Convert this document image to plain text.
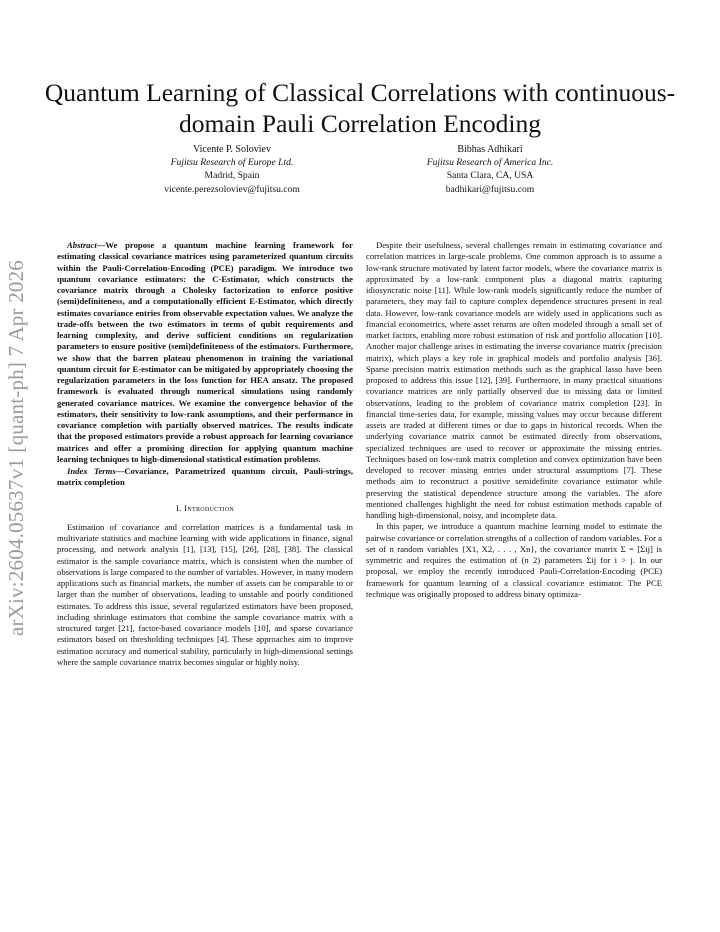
arXiv:2604.05637v1 [quant-ph] 7 Apr 2026
Quantum Learning of Classical Correlations with continuous-domain Pauli Correlation Encoding
Vicente P. Soloviev
Fujitsu Research of Europe Ltd.
Madrid, Spain
vicente.perezsoloviev@fujitsu.com
Bibhas Adhikari
Fujitsu Research of America Inc.
Santa Clara, CA, USA
badhikari@fujitsu.com

Abstract—We propose a quantum machine learning framework for estimating classical covariance matrices using parameterized quantum circuits within the Pauli-Correlation-Encoding (PCE) paradigm. We introduce two quantum covariance estimators: the C-Estimator, which constructs the covariance matrix through a Cholesky factorization to enforce positive (semi)definiteness, and a computationally efficient E-Estimator, which directly estimates covariance entries from observable expectation values. We analyze the trade-offs between the two estimators in terms of qubit requirements and learning complexity, and derive sufficient conditions on regularization parameters to ensure positive (semi)definiteness of the estimators. Furthermore, we show that the barren plateau phenomenon in training the variational quantum circuit for E-estimator can be mitigated by appropriately choosing the regularization parameters in the loss function for HEA ansatz. The proposed framework is evaluated through numerical simulations using randomly generated covariance matrices. We examine the convergence behavior of the estimators, their sensitivity to low-rank assumptions, and their performance in covariance completion with partially observed matrices. The results indicate that the proposed estimators provide a robust approach for learning covariance matrices and offer a promising direction for applying quantum machine learning techniques to high-dimensional statistical estimation problems.

Index Terms—Covariance, Parametrized quantum circuit, Pauli-strings, matrix completion

I. Introduction

Estimation of covariance and correlation matrices is a fundamental task in multivariate statistics and machine learning with wide applications in finance, signal processing, and network analysis [1], [13], [15], [26], [28], [38]. The classical estimator is the sample covariance matrix, which is consistent when the number of observations is large compared to the number of variables. However, in many modern applications such as financial markets, the number of assets can be comparable to or larger than the number of observations, leading to unstable and poorly conditioned estimates. To address this issue, several regularized estimators have been proposed, including shrinkage estimators that combine the sample covariance matrix with a structured target [21], factor-based covariance models [10], and sparse covariance estimators based on thresholding techniques [4]. These approaches aim to improve estimation accuracy and numerical stability, particularly in high-dimensional settings where the sample covariance matrix becomes singular or highly noisy.

Despite their usefulness, several challenges remain in estimating covariance and correlation matrices in large-scale problems. One common approach is to assume a low-rank structure motivated by latent factor models, where the covariance matrix is approximated by a low-rank component plus a diagonal matrix capturing idiosyncratic noise [11]. While low-rank models significantly reduce the number of parameters, they may fail to capture complex dependence structures present in real data. However, low-rank covariance models are widely used in applications such as financial econometrics, where asset returns are often modeled through a small set of market factors, enabling more robust estimation of risk and portfolio allocation [10]. Another major challenge arises in estimating the inverse covariance matrix (precision matrix), which plays a key role in graphical models and portfolio analysis [36]. Sparse precision matrix estimation methods such as the graphical lasso have been proposed to address this issue [12], [39]. Furthermore, in many practical situations covariance matrices are only partially observed due to missing data or limited observations, leading to the problem of covariance matrix completion [23]. In financial time-series data, for example, missing values may occur because different assets are traded at different times or due to gaps in historical records. When the underlying covariance matrix cannot be estimated directly from observations, specialized techniques are used to recover or approximate the missing entries. Techniques based on low-rank matrix completion and convex optimization have been developed to recover missing entries under structural assumptions [7]. These methods aim to reconstruct a positive semidefinite covariance estimator while preserving the statistical dependence structure among the variables. The afore mentioned challenges highlight the need for robust estimation methods capable of handling high-dimensional, noisy, and incomplete data.

In this paper, we introduce a quantum machine learning model to estimate the pairwise covariance or correlation strengths of a collection of random variables. For a set of n random variables {X1, X2, . . . , Xn}, the covariance matrix Σ = [Σij] is symmetric and requires the estimation of (n 2) parameters Σij for i > j. In our proposal, we employ the recently introduced Pauli-Correlation-Encoding (PCE) framework for quantum learning of a classical covariance estimator. The PCE technique was originally proposed to address binary optimiza-
